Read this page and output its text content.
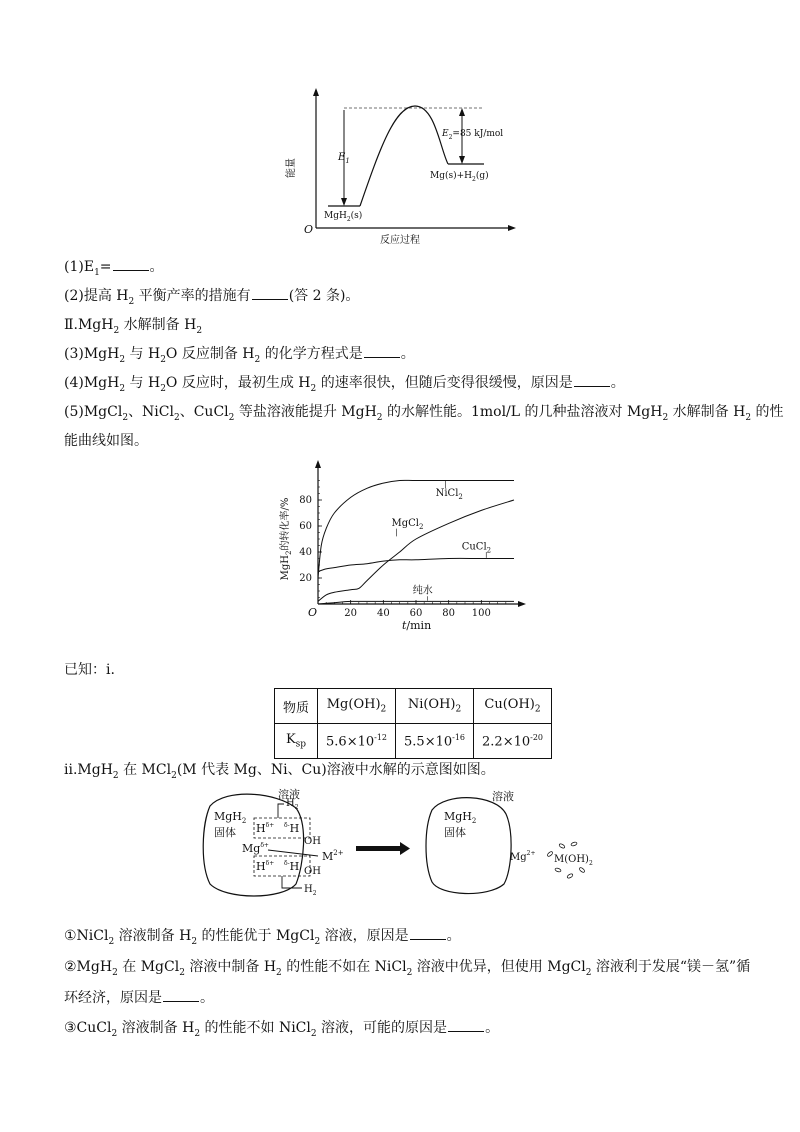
O
能量
反应过程
$E_1$
$E_2=85$ kJ/mol
$Mg(s)+H_2(g)$
MgH$_2$(s)
$(1)E_1=$	。
(2)提高 $H_2$ 平衡产率的措施有	(答 2 条)。
Ⅱ.MgH$_2$ 水解制备 $H_2$
(3)MgH$_2$ 与 $H_2O$ 反应制备 $H_2$ 的化学方程式是	。
(4)MgH$_2$ 与 $H_2O$ 反应时，最初生成 $H_2$ 的速率很快，但随后变得很缓慢，原因是	。
(5)MgCl$_2$、NiCl$_2$、CuCl$_2$ 等盐溶液能提升 MgH$_2$ 的水解性能。1mol/L 的几种盐溶液对 MgH$_2$ 水解制备 $H_2$ 的性
能曲线如图。
20 40 60 80 100
20
40
60
80
O
t/min
MgH$_2$的转化率/%
NiCl$_2$
MgCl$_2$
CuCl$_2$
纯水
已知：ⅰ.
物质	$Mg(OH)_2$	$Ni(OH)_2$	$Cu(OH)_2$
$K_{sp}$	$5.6\times 10^{-12}$	$5.5\times 10^{-16}$	$2.2\times 10^{-20}$
ⅱ.MgH$_2$ 在 MCl$_2$(M 代表 Mg、Ni、Cu)溶液中水解的示意图如图。
MgH$_2$
固体
溶液
$H^{\delta+}$ $^{\delta-}$H
$H^{\delta+}$ $^{\delta-}$H
$Mg^{\delta+}$
$H_2$
OH
OH
$M^{2+}$
$H_2$
MgH$_2$
固体
溶液
$Mg^{2+}$
$M(OH)_2$
①NiCl$_2$ 溶液制备 $H_2$ 的性能优于 MgCl$_2$ 溶液，原因是	。
②MgH$_2$ 在 MgCl$_2$ 溶液中制备 $H_2$ 的性能不如在 NiCl$_2$ 溶液中优异，但使用 MgCl$_2$ 溶液利于发展“镁－氢”循
环经济，原因是	。
③CuCl$_2$ 溶液制备 $H_2$ 的性能不如 NiCl$_2$ 溶液，可能的原因是	。
